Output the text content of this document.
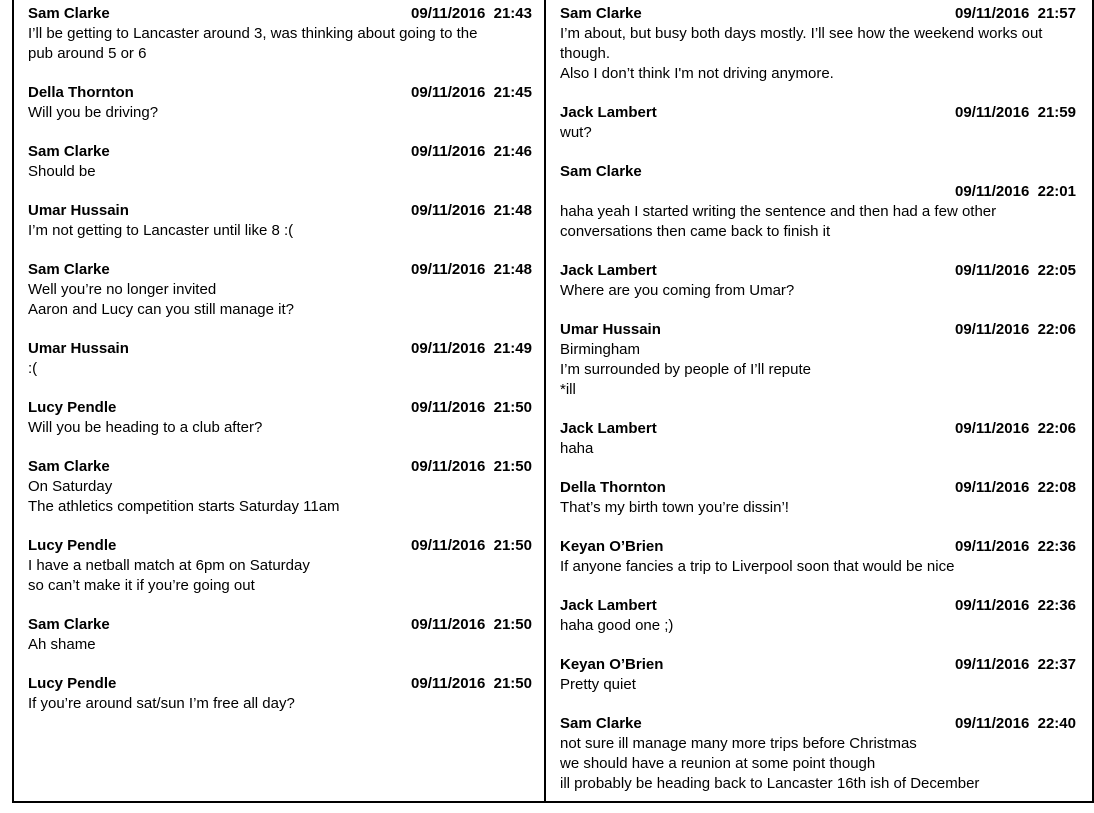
Sam Clarke	09/11/2016  21:43
I’ll be getting to Lancaster around 3, was thinking about going to the
pub around 5 or 6
Della Thornton	09/11/2016  21:45
Will you be driving?
Sam Clarke	09/11/2016  21:46
Should be
Umar Hussain	09/11/2016  21:48
I’m not getting to Lancaster until like 8 :(
Sam Clarke	09/11/2016  21:48
Well you’re no longer invited
Aaron and Lucy can you still manage it?
Umar Hussain	09/11/2016  21:49
:(
Lucy Pendle	09/11/2016  21:50
Will you be heading to a club after?
Sam Clarke	09/11/2016  21:50
On Saturday
The athletics competition starts Saturday 11am
Lucy Pendle	09/11/2016  21:50
I have a netball match at 6pm on Saturday
so can’t make it if you’re going out
Sam Clarke	09/11/2016  21:50
Ah shame
Lucy Pendle	09/11/2016  21:50
If you’re around sat/sun I’m free all day?
Sam Clarke	09/11/2016  21:57
I’m about, but busy both days mostly. I’ll see how the weekend works out
though.
Also I don’t think I'm not driving anymore.
Jack Lambert	09/11/2016  21:59
wut?
Sam Clarke
09/11/2016  22:01
haha yeah I started writing the sentence and then had a few other
conversations then came back to finish it
Jack Lambert	09/11/2016  22:05
Where are you coming from Umar?
Umar Hussain	09/11/2016  22:06
Birmingham
I’m surrounded by people of I’ll repute
*ill
Jack Lambert	09/11/2016  22:06
haha
Della Thornton	09/11/2016  22:08
That’s my birth town you’re dissin’!
Keyan O’Brien	09/11/2016  22:36
If anyone fancies a trip to Liverpool soon that would be nice
Jack Lambert	09/11/2016  22:36
haha good one ;)
Keyan O’Brien	09/11/2016  22:37
Pretty quiet
Sam Clarke	09/11/2016  22:40
not sure ill manage many more trips before Christmas
we should have a reunion at some point though
ill probably be heading back to Lancaster 16th ish of December
